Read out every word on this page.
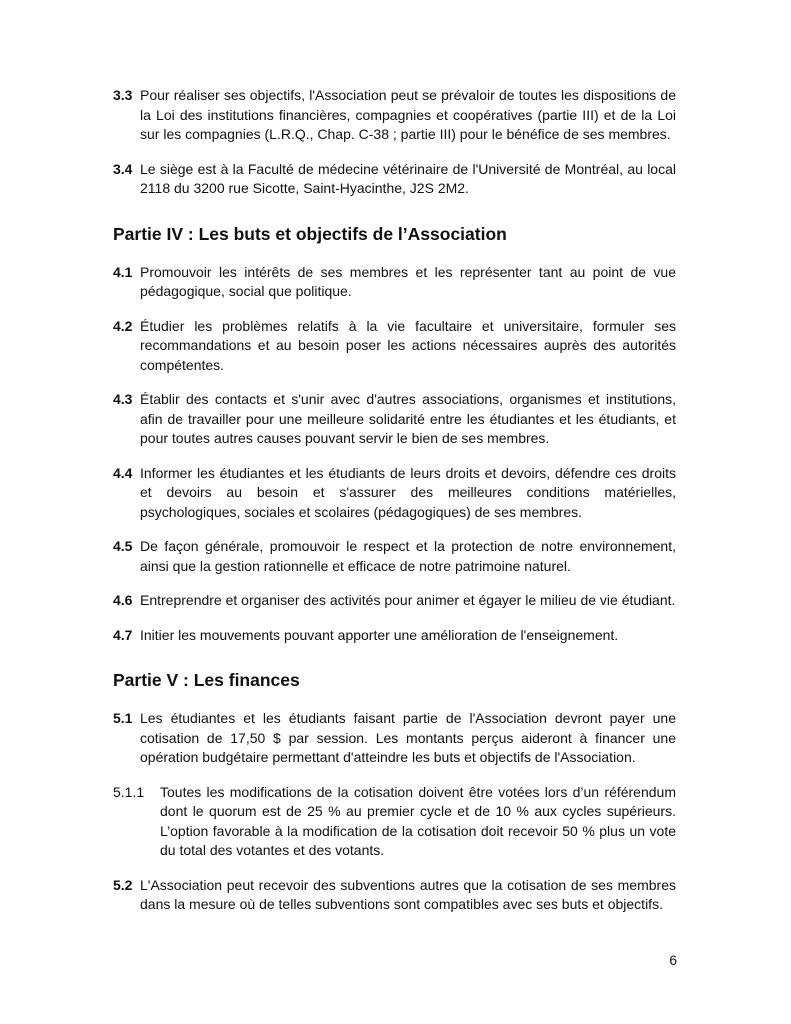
3.3 Pour réaliser ses objectifs, l'Association peut se prévaloir de toutes les dispositions de la Loi des institutions financières, compagnies et coopératives (partie III) et de la Loi sur les compagnies (L.R.Q., Chap. C-38 ; partie III) pour le bénéfice de ses membres.
3.4 Le siège est à la Faculté de médecine vétérinaire de l'Université de Montréal, au local 2118 du 3200 rue Sicotte, Saint-Hyacinthe, J2S 2M2.
Partie IV : Les buts et objectifs de l’Association
4.1 Promouvoir les intérêts de ses membres et les représenter tant au point de vue pédagogique, social que politique.
4.2 Étudier les problèmes relatifs à la vie facultaire et universitaire, formuler ses recommandations et au besoin poser les actions nécessaires auprès des autorités compétentes.
4.3 Établir des contacts et s'unir avec d'autres associations, organismes et institutions, afin de travailler pour une meilleure solidarité entre les étudiantes et les étudiants, et pour toutes autres causes pouvant servir le bien de ses membres.
4.4 Informer les étudiantes et les étudiants de leurs droits et devoirs, défendre ces droits et devoirs au besoin et s'assurer des meilleures conditions matérielles, psychologiques, sociales et scolaires (pédagogiques) de ses membres.
4.5 De façon générale, promouvoir le respect et la protection de notre environnement, ainsi que la gestion rationnelle et efficace de notre patrimoine naturel.
4.6 Entreprendre et organiser des activités pour animer et égayer le milieu de vie étudiant.
4.7 Initier les mouvements pouvant apporter une amélioration de l'enseignement.
Partie V : Les finances
5.1 Les étudiantes et les étudiants faisant partie de l'Association devront payer une cotisation de 17,50 $ par session. Les montants perçus aideront à financer une opération budgétaire permettant d'atteindre les buts et objectifs de l'Association.
5.1.1	Toutes les modifications de la cotisation doivent être votées lors d’un référendum dont le quorum est de 25 % au premier cycle et de 10 % aux cycles supérieurs. L’option favorable à la modification de la cotisation doit recevoir 50 % plus un vote du total des votantes et des votants.
5.2 L'Association peut recevoir des subventions autres que la cotisation de ses membres dans la mesure où de telles subventions sont compatibles avec ses buts et objectifs.
6
